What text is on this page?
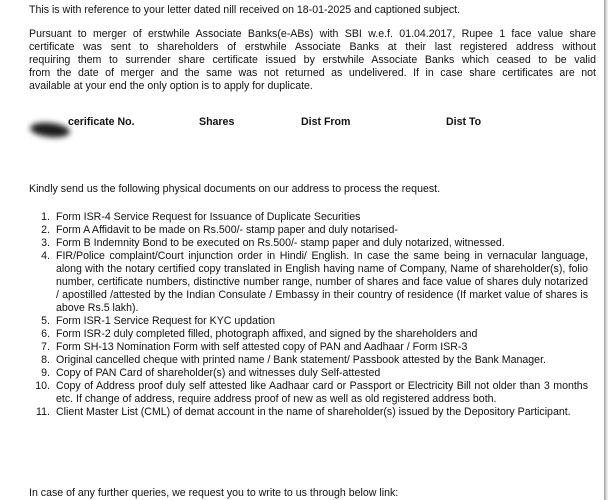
This is with reference to your letter dated nill received on 18-01-2025 and captioned subject.
Pursuant to merger of erstwhile Associate Banks(e-ABs) with SBI w.e.f. 01.04.2017, Rupee 1 face value share
certificate was sent to shareholders of erstwhile Associate Banks at their last registered address without
requiring them to surrender share certificate issued by erstwhile Associate Banks which ceased to be valid
from the date of merger and the same was not returned as undelivered. If in case share certificates are not
available at your end the only option is to apply for duplicate.
cerificate No.	Shares	Dist From	Dist To
Kindly send us the following physical documents on our address to process the request.
1. Form ISR-4 Service Request for Issuance of Duplicate Securities
2. Form A Affidavit to be made on Rs.500/- stamp paper and duly notarised-
3. Form B Indemnity Bond to be executed on Rs.500/- stamp paper and duly notarized, witnessed.
4. FIR/Police complaint/Court injunction order in Hindi/ English. In case the same being in vernacular language, along with the notary certified copy translated in English having name of Company, Name of shareholder(s), folio number, certificate numbers, distinctive number range, number of shares and face value of shares duly notarized / apostilled /attested by the Indian Consulate / Embassy in their country of residence (If market value of shares is above Rs.5 lakh).
5. Form ISR-1 Service Request for KYC updation
6. Form ISR-2 duly completed filled, photograph affixed, and signed by the shareholders and
7. Form SH-13 Nomination Form with self attested copy of PAN and Aadhaar / Form ISR-3
8. Original cancelled cheque with printed name / Bank statement/ Passbook attested by the Bank Manager.
9. Copy of PAN Card of shareholder(s) and witnesses duly Self-attested
10. Copy of Address proof duly self attested like Aadhaar card or Passport or Electricity Bill not older than 3 months etc. If change of address, require address proof of new as well as old registered address both.
11. Client Master List (CML) of demat account in the name of shareholder(s) issued by the Depository Participant.
In case of any further queries, we request you to write to us through below link:
